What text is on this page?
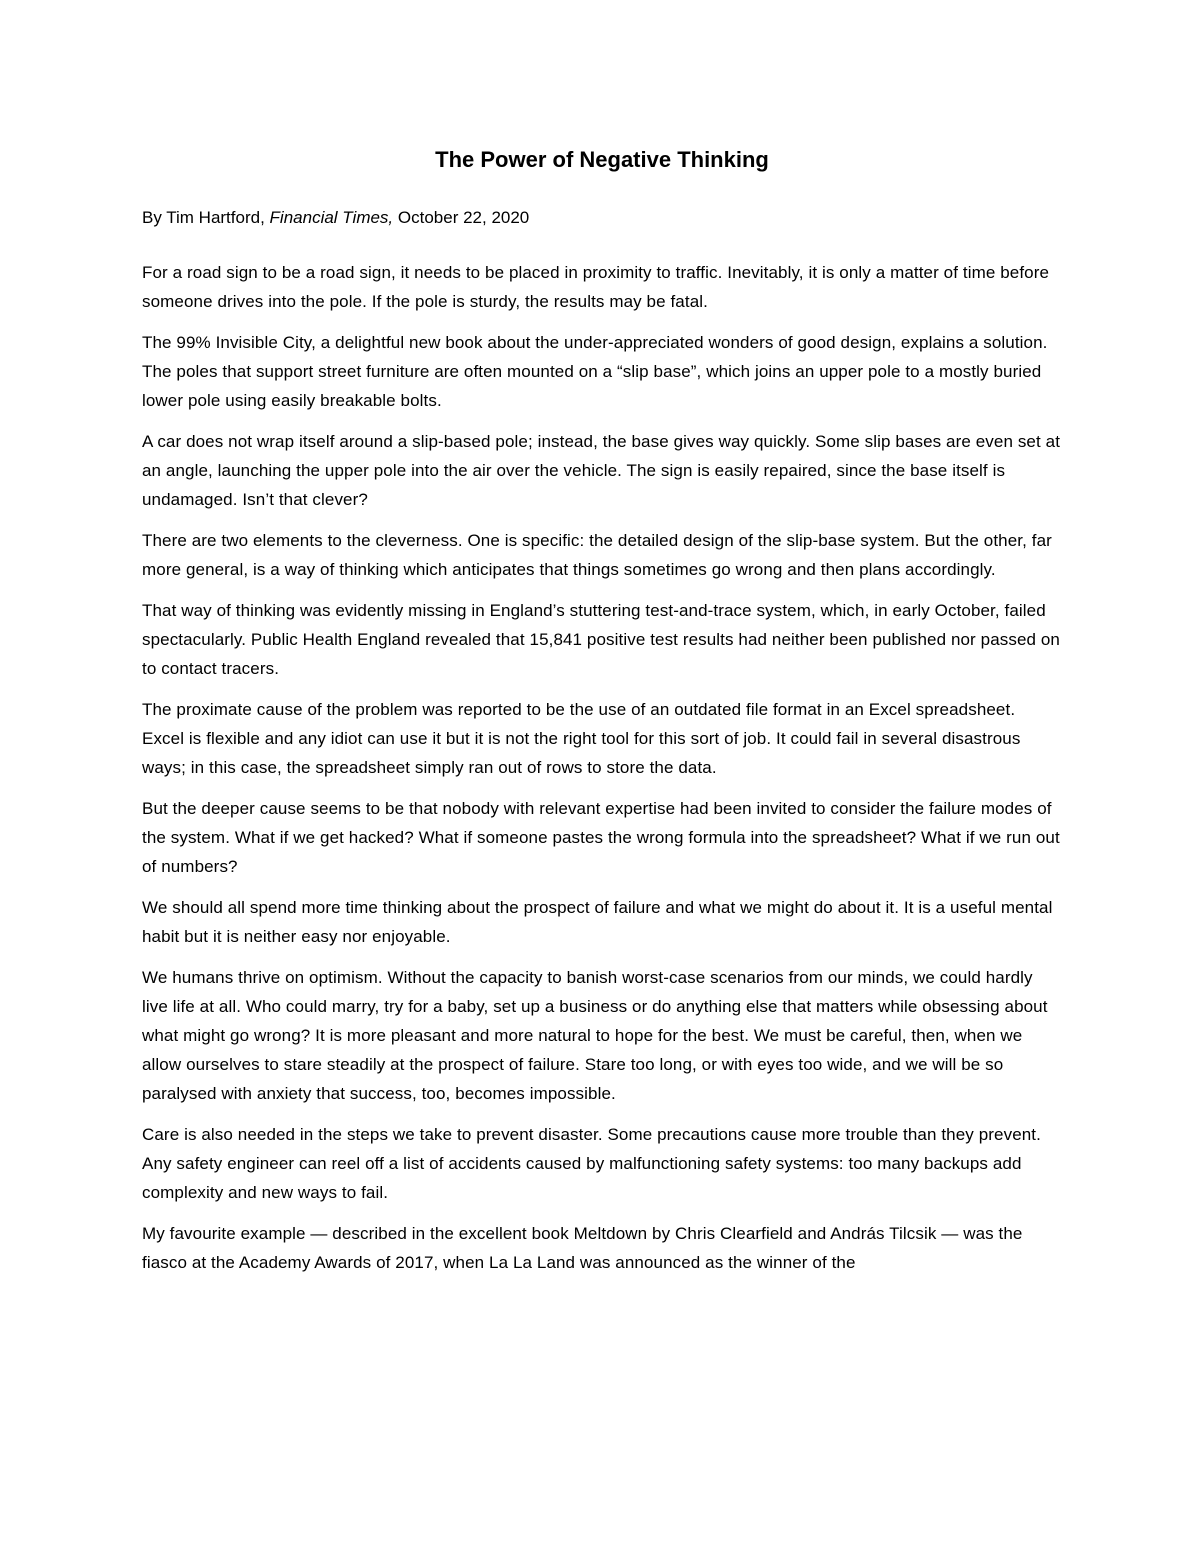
The Power of Negative Thinking
By Tim Hartford, Financial Times, October 22, 2020

For a road sign to be a road sign, it needs to be placed in proximity to traffic. Inevitably, it is only a matter of time before someone drives into the pole. If the pole is sturdy, the results may be fatal.

The 99% Invisible City, a delightful new book about the under-appreciated wonders of good design, explains a solution. The poles that support street furniture are often mounted on a “slip base”, which joins an upper pole to a mostly buried lower pole using easily breakable bolts.

A car does not wrap itself around a slip-based pole; instead, the base gives way quickly. Some slip bases are even set at an angle, launching the upper pole into the air over the vehicle. The sign is easily repaired, since the base itself is undamaged. Isn’t that clever?

There are two elements to the cleverness. One is specific: the detailed design of the slip-base system. But the other, far more general, is a way of thinking which anticipates that things sometimes go wrong and then plans accordingly.

That way of thinking was evidently missing in England’s stuttering test-and-trace system, which, in early October, failed spectacularly. Public Health England revealed that 15,841 positive test results had neither been published nor passed on to contact tracers.

The proximate cause of the problem was reported to be the use of an outdated file format in an Excel spreadsheet. Excel is flexible and any idiot can use it but it is not the right tool for this sort of job. It could fail in several disastrous ways; in this case, the spreadsheet simply ran out of rows to store the data.

But the deeper cause seems to be that nobody with relevant expertise had been invited to consider the failure modes of the system. What if we get hacked? What if someone pastes the wrong formula into the spreadsheet? What if we run out of numbers?

We should all spend more time thinking about the prospect of failure and what we might do about it. It is a useful mental habit but it is neither easy nor enjoyable.

We humans thrive on optimism. Without the capacity to banish worst-case scenarios from our minds, we could hardly live life at all. Who could marry, try for a baby, set up a business or do anything else that matters while obsessing about what might go wrong? It is more pleasant and more natural to hope for the best. We must be careful, then, when we allow ourselves to stare steadily at the prospect of failure. Stare too long, or with eyes too wide, and we will be so paralysed with anxiety that success, too, becomes impossible.

Care is also needed in the steps we take to prevent disaster. Some precautions cause more trouble than they prevent. Any safety engineer can reel off a list of accidents caused by malfunctioning safety systems: too many backups add complexity and new ways to fail.

My favourite example — described in the excellent book Meltdown by Chris Clearfield and András Tilcsik — was the fiasco at the Academy Awards of 2017, when La La Land was announced as the winner of the
